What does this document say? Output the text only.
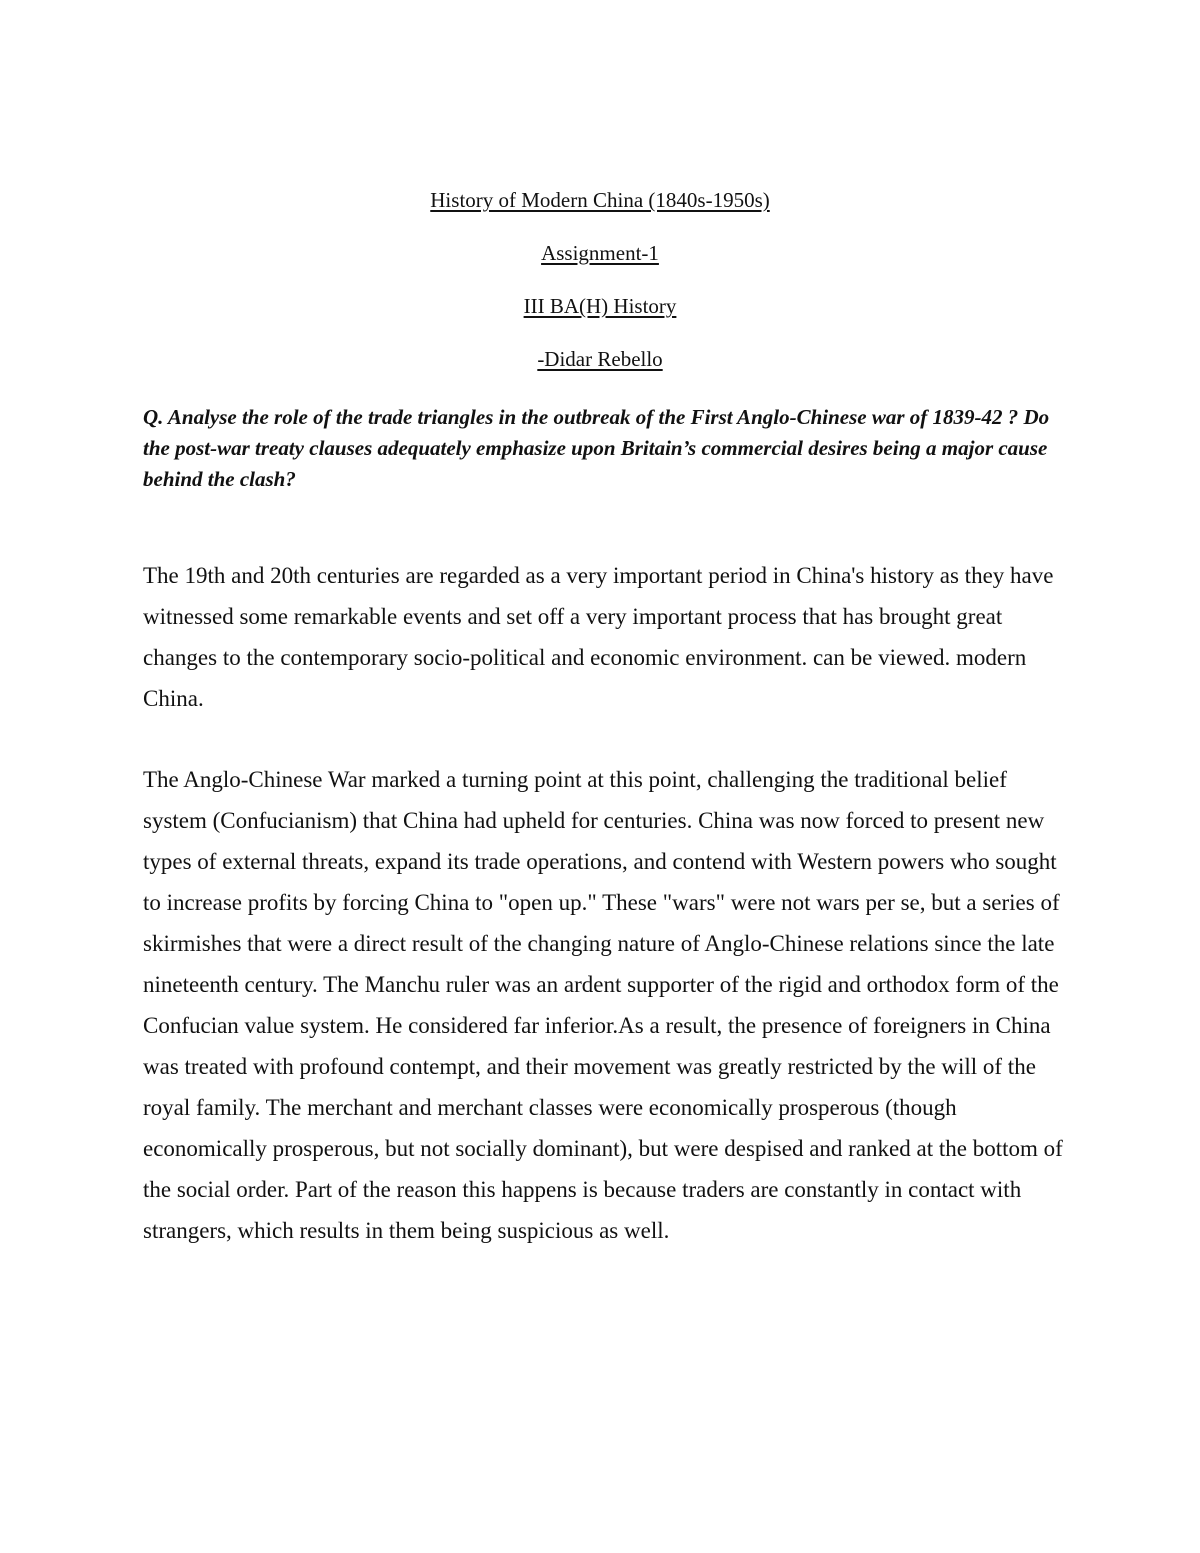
History of Modern China (1840s-1950s)

Assignment-1

III BA(H) History

-Didar Rebello

Q. Analyse the role of the trade triangles in the outbreak of the First Anglo-Chinese war of 1839-42 ? Do the post-war treaty clauses adequately emphasize upon Britain’s commercial desires being a major cause behind the clash?

The 19th and 20th centuries are regarded as a very important period in China's history as they have witnessed some remarkable events and set off a very important process that has brought great changes to the contemporary socio-political and economic environment. can be viewed. modern China.

The Anglo-Chinese War marked a turning point at this point, challenging the traditional belief system (Confucianism) that China had upheld for centuries. China was now forced to present new types of external threats, expand its trade operations, and contend with Western powers who sought to increase profits by forcing China to "open up." These "wars" were not wars per se, but a series of skirmishes that were a direct result of the changing nature of Anglo-Chinese relations since the late nineteenth century. The Manchu ruler was an ardent supporter of the rigid and orthodox form of the Confucian value system. He considered far inferior.As a result, the presence of foreigners in China was treated with profound contempt, and their movement was greatly restricted by the will of the royal family. The merchant and merchant classes were economically prosperous (though economically prosperous, but not socially dominant), but were despised and ranked at the bottom of the social order. Part of the reason this happens is because traders are constantly in contact with strangers, which results in them being suspicious as well.
